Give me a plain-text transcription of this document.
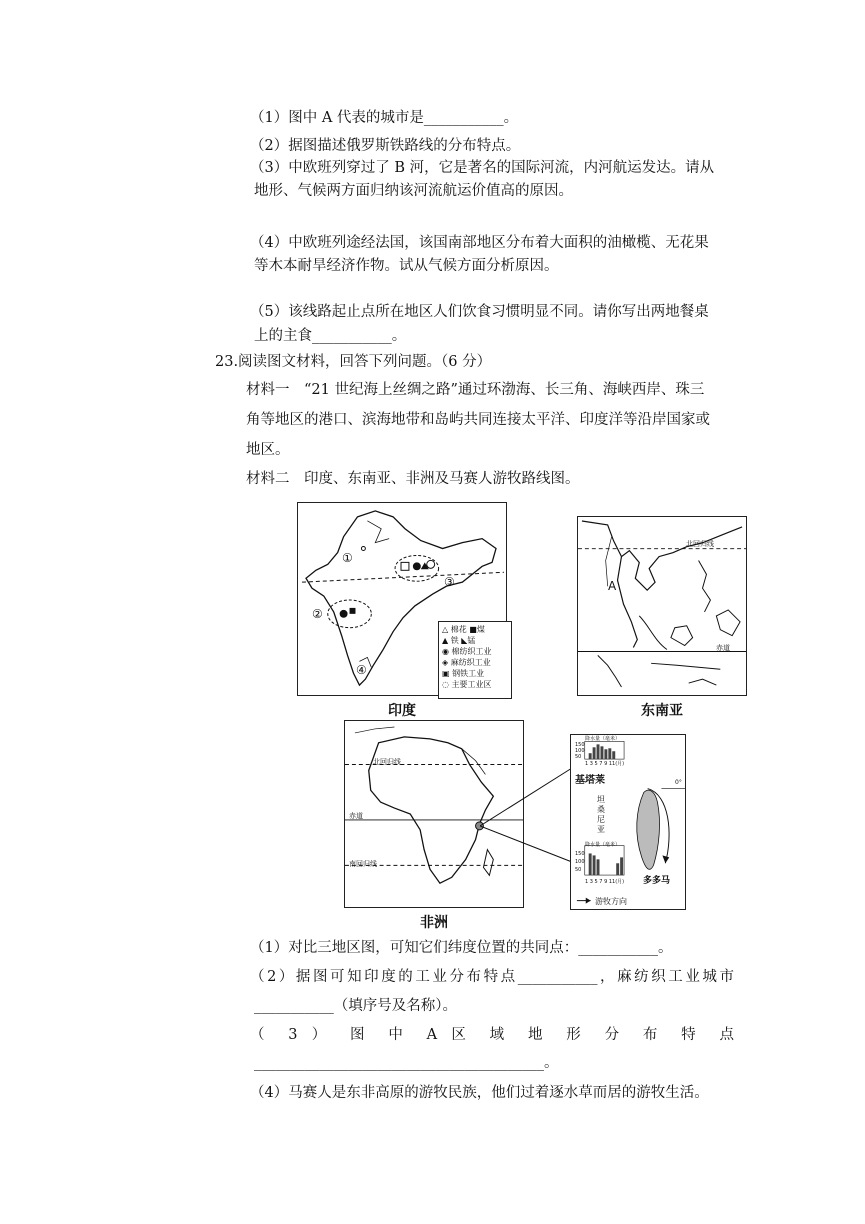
（1）图中 A 代表的城市是___________。
（2）据图描述俄罗斯铁路线的分布特点。
（3）中欧班列穿过了 B 河，它是著名的国际河流，内河航运发达。请从
地形、气候两方面归纳该河流航运价值高的原因。
（4）中欧班列途经法国，该国南部地区分布着大面积的油橄榄、无花果
等木本耐旱经济作物。试从气候方面分析原因。
（5）该线路起止点所在地区人们饮食习惯明显不同。请你写出两地餐桌
上的主食___________。
23.阅读图文材料，回答下列问题。（6 分）
材料一　“21 世纪海上丝绸之路”通过环渤海、长三角、海峡西岸、珠三
角等地区的港口、滨海地带和岛屿共同连接太平洋、印度洋等沿岸国家或
地区。
材料二　印度、东南亚、非洲及马赛人游牧路线图。
①
②
③
④
△ 棉花 ■煤
▲ 铁 ◣锰
◉ 棉纺织工业
◈ 麻纺织工业
▣ 钢铁工业
◌ 主要工业区
印度
A
北回归线
赤道
东南亚
北回归线
赤道
南回归线
非洲
降水量（毫米）
150
100
50
1 3 5 7 9 11(月)
基塔莱
坦桑尼亚
0°
降水量（毫米）
150
100
50
1 3 5 7 9 11(月) 多多马
游牧方向
（1）对比三地区图，可知它们纬度位置的共同点：___________。
（2）据图可知印度的工业分布特点___________，麻纺织工业城市
___________（填序号及名称）。
（ 3 ） 图 中 A 区 域 地 形 分 布 特 点
________________________________________。
（4）马赛人是东非高原的游牧民族，他们过着逐水草而居的游牧生活。
